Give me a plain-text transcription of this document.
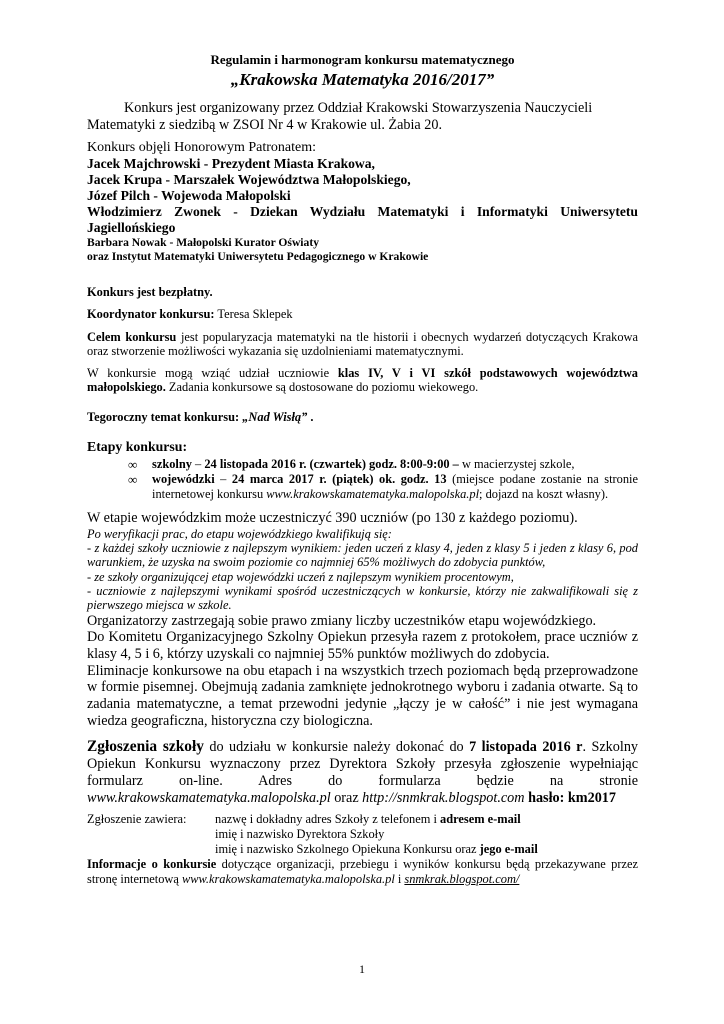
Regulamin i harmonogram konkursu matematycznego

„Krakowska Matematyka 2016/2017”

Konkurs jest organizowany przez Oddział Krakowski Stowarzyszenia Nauczycieli

Matematyki z siedzibą w ZSOI Nr 4 w Krakowie ul. Żabia 20.

Konkurs objęli Honorowym Patronatem:

Jacek Majchrowski - Prezydent Miasta Krakowa,

Jacek Krupa - Marszałek Województwa Małopolskiego,

Józef Pilch - Wojewoda Małopolski

Włodzimierz Zwonek - Dziekan Wydziału Matematyki i Informatyki Uniwersytetu Jagiellońskiego

Barbara Nowak - Małopolski Kurator Oświaty

oraz Instytut Matematyki Uniwersytetu Pedagogicznego w Krakowie

Konkurs jest bezpłatny.

Koordynator konkursu: Teresa Sklepek

Celem konkursu jest popularyzacja matematyki na tle historii i obecnych wydarzeń dotyczących Krakowa oraz stworzenie możliwości wykazania się uzdolnieniami matematycznymi.

W konkursie mogą wziąć udział uczniowie klas IV, V i VI szkół podstawowych województwa małopolskiego. Zadania konkursowe są dostosowane do poziomu wiekowego.

Tegoroczny temat konkursu: „Nad Wisłą” .

Etapy konkursu:

∞ szkolny – 24 listopada 2016 r. (czwartek) godz. 8:00-9:00 – w macierzystej szkole,
∞ wojewódzki – 24 marca 2017 r. (piątek) ok. godz. 13 (miejsce podane zostanie na stronie internetowej konkursu www.krakowskamatematyka.malopolska.pl; dojazd na koszt własny).

W etapie wojewódzkim może uczestniczyć 390 uczniów (po 130 z każdego poziomu).

Po weryfikacji prac, do etapu wojewódzkiego kwalifikują się:

- z każdej szkoły uczniowie z najlepszym wynikiem: jeden uczeń z klasy 4, jeden z klasy 5 i jeden z klasy 6, pod warunkiem, że uzyska na swoim poziomie co najmniej 65% możliwych do zdobycia punktów,

- ze szkoły organizującej etap wojewódzki uczeń z najlepszym wynikiem procentowym,

- uczniowie z najlepszymi wynikami spośród uczestniczących w konkursie, którzy nie zakwalifikowali się z pierwszego miejsca w szkole.

Organizatorzy zastrzegają sobie prawo zmiany liczby uczestników etapu wojewódzkiego.

Do Komitetu Organizacyjnego Szkolny Opiekun przesyła razem z protokołem, prace uczniów z klasy 4, 5 i 6, którzy uzyskali co najmniej 55% punktów możliwych do zdobycia.

Eliminacje konkursowe na obu etapach i na wszystkich trzech poziomach będą przeprowadzone w formie pisemnej. Obejmują zadania zamknięte jednokrotnego wyboru i zadania otwarte. Są to zadania matematyczne, a temat przewodni jedynie „łączy je w całość” i nie jest wymagana wiedza geograficzna, historyczna czy biologiczna.

Zgłoszenia szkoły do udziału w konkursie należy dokonać do 7 listopada 2016 r. Szkolny Opiekun Konkursu wyznaczony przez Dyrektora Szkoły przesyła zgłoszenie wypełniając formularz on-line. Adres do formularza będzie na stronie www.krakowskamatematyka.malopolska.pl oraz http://snmkrak.blogspot.com hasło: km2017

Zgłoszenie zawiera:	nazwę i dokładny adres Szkoły z telefonem i adresem e-mail
imię i nazwisko Dyrektora Szkoły
imię i nazwisko Szkolnego Opiekuna Konkursu oraz jego e-mail

Informacje o konkursie dotyczące organizacji, przebiegu i wyników konkursu będą przekazywane przez stronę internetową www.krakowskamatematyka.malopolska.pl i snmkrak.blogspot.com/

1
